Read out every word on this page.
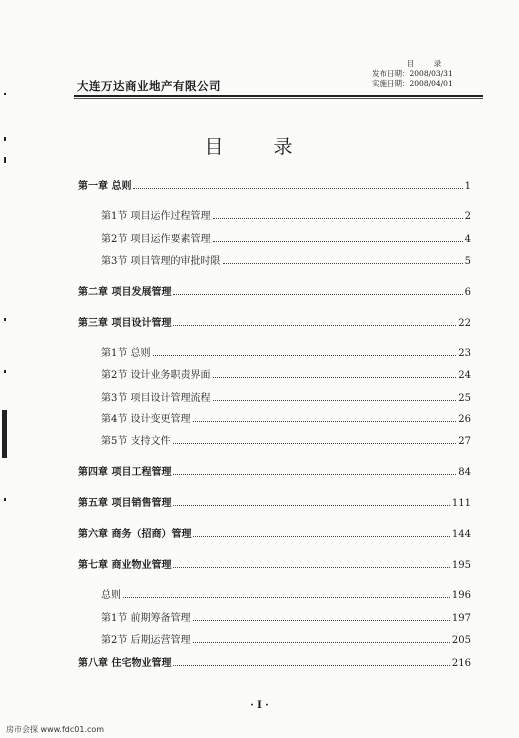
大连万达商业地产有限公司
目　录
发布日期：2008/03/31
实施日期：2008/04/01
目 录
第一章 总则	1
第1节 项目运作过程管理	2
第2节 项目运作要素管理	4
第3节 项目管理的审批时限	5
第二章 项目发展管理	6
第三章 项目设计管理	22
第1节 总则	23
第2节 设计业务职责界面	24
第3节 项目设计管理流程	25
第4节 设计变更管理	26
第5节 支持文件	27
第四章 项目工程管理	84
第五章 项目销售管理	111
第六章 商务（招商）管理	144
第七章 商业物业管理	195
总则	196
第1节 前期筹备管理	197
第2节 后期运营管理	205
第八章 住宅物业管理	216
· I ·
房市会探 www.fdc01.com
